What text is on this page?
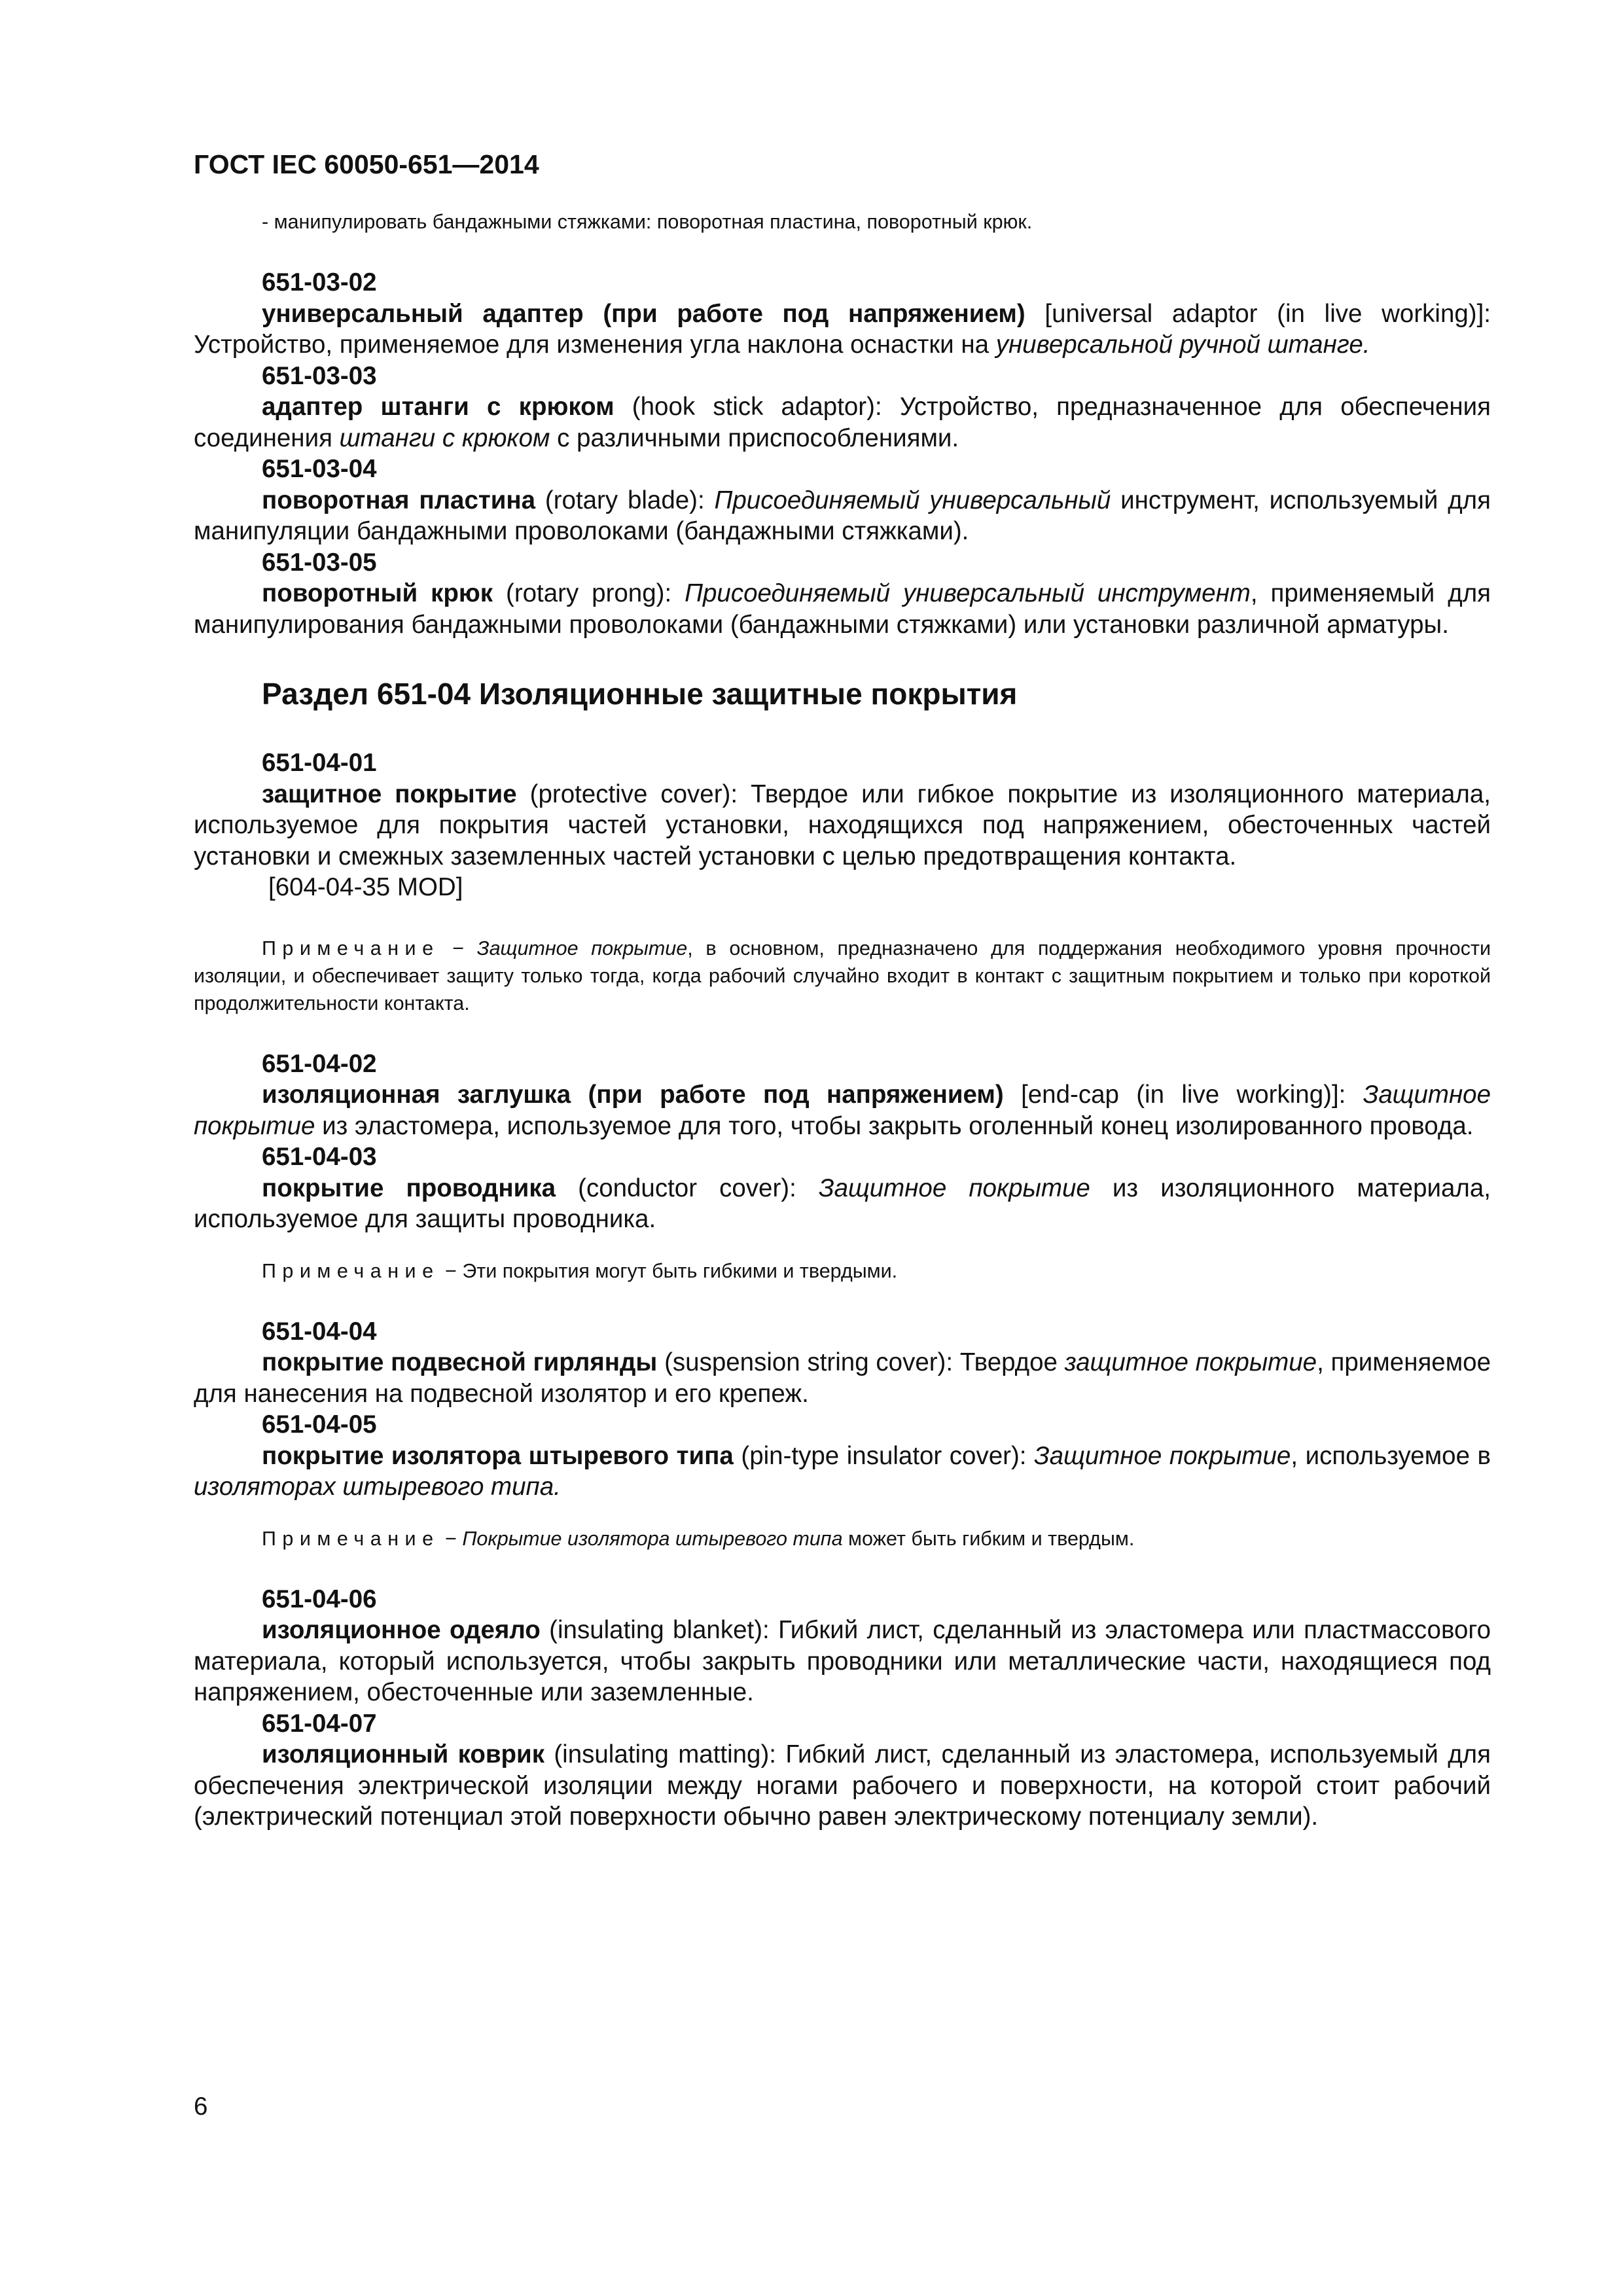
ГОСТ IEC 60050-651—2014

- манипулировать бандажными стяжками: поворотная пластина, поворотный крюк.

651-03-02

универсальный адаптер (при работе под напряжением) [universal adaptor (in live working)]: Устройство, применяемое для изменения угла наклона оснастки на универсальной ручной штанге.

651-03-03

адаптер штанги с крюком (hook stick adaptor): Устройство, предназначенное для обеспечения соединения штанги с крюком с различными приспособлениями.

651-03-04

поворотная пластина (rotary blade): Присоединяемый универсальный инструмент, используемый для манипуляции бандажными проволоками (бандажными стяжками).

651-03-05

поворотный крюк (rotary prong): Присоединяемый универсальный инструмент, применяемый для манипулирования бандажными проволоками (бандажными стяжками) или установки различной арматуры.

Раздел 651-04 Изоляционные защитные покрытия

651-04-01

защитное покрытие (protective cover): Твердое или гибкое покрытие из изоляционного материала, используемое для покрытия частей установки, находящихся под напряжением, обесточенных частей установки и смежных заземленных частей установки с целью предотвращения контакта.

[604-04-35 MOD]

Примечание − Защитное покрытие, в основном, предназначено для поддержания необходимого уровня прочности изоляции, и обеспечивает защиту только тогда, когда рабочий случайно входит в контакт с защитным покрытием и только при короткой продолжительности контакта.

651-04-02

изоляционная заглушка (при работе под напряжением) [end-cap (in live working)]: Защитное покрытие из эластомера, используемое для того, чтобы закрыть оголенный конец изолированного провода.

651-04-03

покрытие проводника (conductor cover): Защитное покрытие из изоляционного материала, используемое для защиты проводника.

Примечание − Эти покрытия могут быть гибкими и твердыми.

651-04-04

покрытие подвесной гирлянды (suspension string cover): Твердое защитное покрытие, применяемое для нанесения на подвесной изолятор и его крепеж.

651-04-05

покрытие изолятора штыревого типа (pin-type insulator cover): Защитное покрытие, используемое в изоляторах штыревого типа.

Примечание − Покрытие изолятора штыревого типа может быть гибким и твердым.

651-04-06

изоляционное одеяло (insulating blanket): Гибкий лист, сделанный из эластомера или пластмассового материала, который используется, чтобы закрыть проводники или металлические части, находящиеся под напряжением, обесточенные или заземленные.

651-04-07

изоляционный коврик (insulating matting): Гибкий лист, сделанный из эластомера, используемый для обеспечения электрической изоляции между ногами рабочего и поверхности, на которой стоит рабочий (электрический потенциал этой поверхности обычно равен электрическому потенциалу земли).

6
